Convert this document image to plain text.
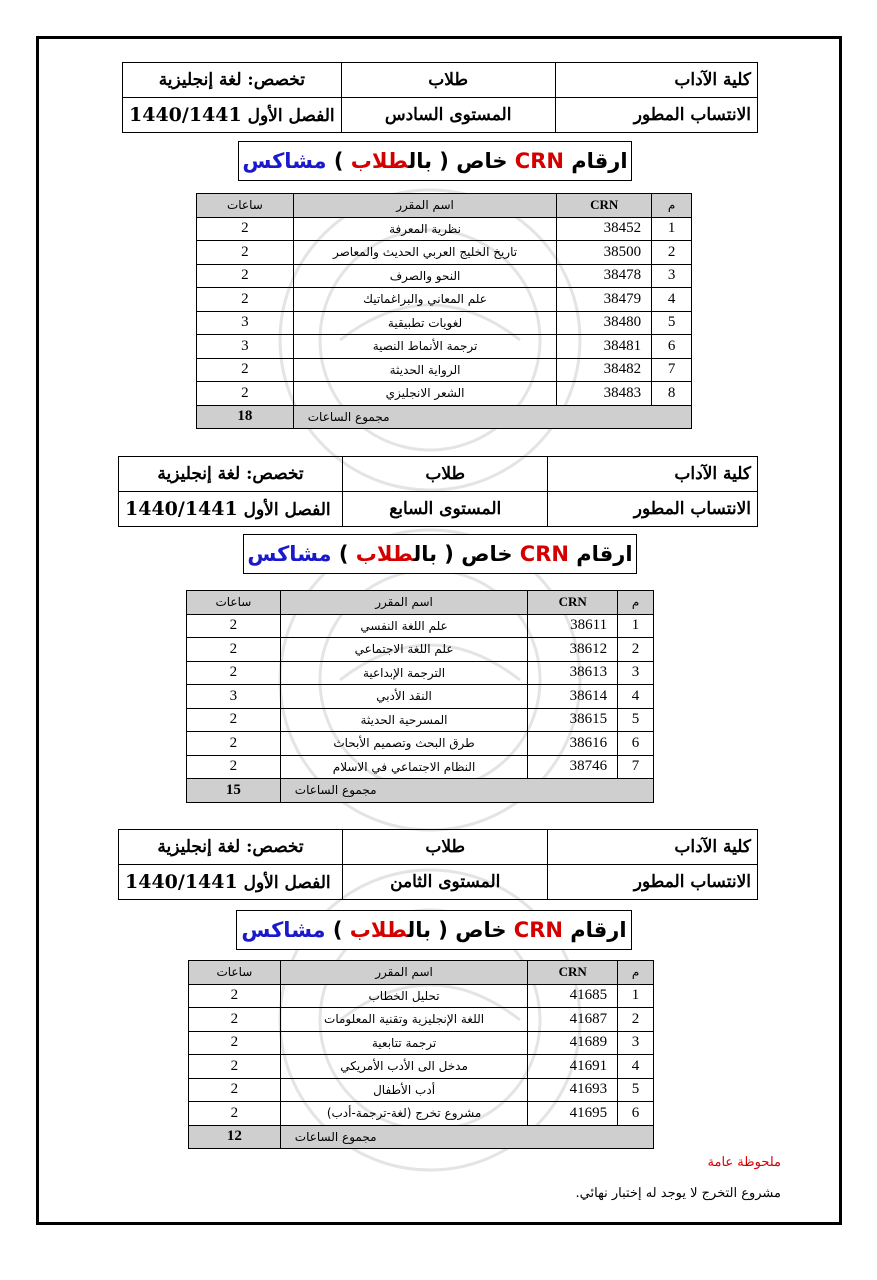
كلية الآداب	طلاب	تخصص: لغة إنجليزية
الانتساب المطور	المستوى السادس	الفصل الأول 1440/1441
ارقام CRN خاص ( بالطلاب ) مشاكس
م	CRN	اسم المقرر	ساعات
1	38452	نظرية المعرفة	2
2	38500	تاريخ الخليج العربي الحديث والمعاصر	2
3	38478	النحو والصرف	2
4	38479	علم المعاني والبراغماتيك	2
5	38480	لغويات تطبيقية	3
6	38481	ترجمة الأنماط النصية	3
7	38482	الرواية الحديثة	2
8	38483	الشعر الانجليزي	2
مجموع الساعات			18
كلية الآداب	طلاب	تخصص: لغة إنجليزية
الانتساب المطور	المستوى السابع	الفصل الأول 1440/1441
ارقام CRN خاص ( بالطلاب ) مشاكس
م	CRN	اسم المقرر	ساعات
1	38611	علم اللغة النفسي	2
2	38612	علم اللغة الاجتماعي	2
3	38613	الترجمة الإبداعية	2
4	38614	النقد الأدبي	3
5	38615	المسرحية الحديثة	2
6	38616	طرق البحث وتصميم الأبحاث	2
7	38746	النظام الاجتماعي في الاسلام	2
مجموع الساعات			15
كلية الآداب	طلاب	تخصص: لغة إنجليزية
الانتساب المطور	المستوى الثامن	الفصل الأول 1440/1441
ارقام CRN خاص ( بالطلاب ) مشاكس
م	CRN	اسم المقرر	ساعات
1	41685	تحليل الخطاب	2
2	41687	اللغة الإنجليزية وتقنية المعلومات	2
3	41689	ترجمة تتابعية	2
4	41691	مدخل الى الأدب الأمريكي	2
5	41693	أدب الأطفال	2
6	41695	مشروع تخرج (لغة-ترجمة-أدب)	2
مجموع الساعات			12
ملحوظة عامة
مشروع التخرج لا يوجد له إختبار نهائي.
